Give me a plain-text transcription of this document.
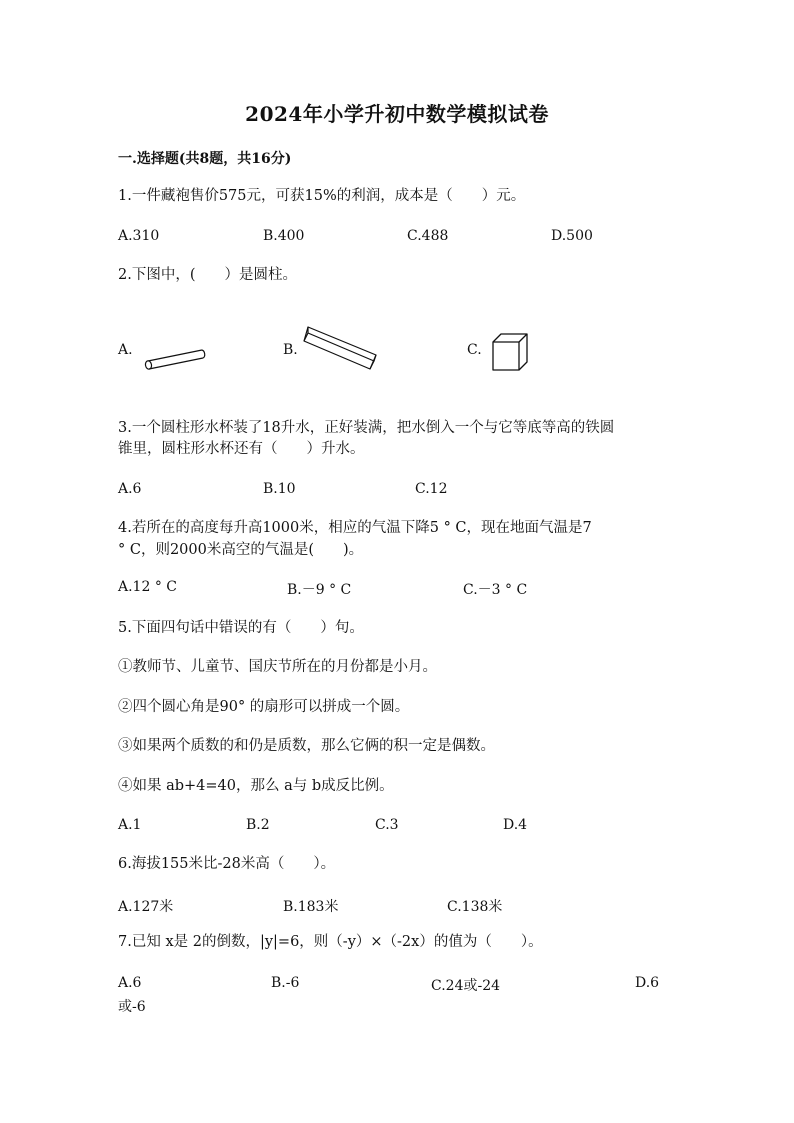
2024年小学升初中数学模拟试卷
一.选择题(共8题，共16分)
1.一件藏袍售价575元，可获15%的利润，成本是（　　）元。
A.310	B.400	C.488	D.500
2.下图中，(　　）是圆柱。
A.	B.	C.
3.一个圆柱形水杯装了18升水，正好装满，把水倒入一个与它等底等高的铁圆
锥里，圆柱形水杯还有（　　）升水。
A.6	B.10	C.12
4.若所在的高度每升高1000米，相应的气温下降5 ° C，现在地面气温是7
° C，则2000米高空的气温是(　　)。
A.12 ° C	B.－9 ° C	C.－3 ° C
5.下面四句话中错误的有（　　）句。
①教师节、儿童节、国庆节所在的月份都是小月。
②四个圆心角是90° 的扇形可以拼成一个圆。
③如果两个质数的和仍是质数，那么它俩的积一定是偶数。
④如果 ab+4=40，那么 a与 b成反比例。
A.1	B.2	C.3	D.4
6.海拔155米比-28米高（　　）。
A.127米	B.183米	C.138米
7.已知 x是 2的倒数，|y|=6，则（-y）×（-2x）的值为（　　）。
A.6	B.-6	C.24或-24	D.6
或-6
